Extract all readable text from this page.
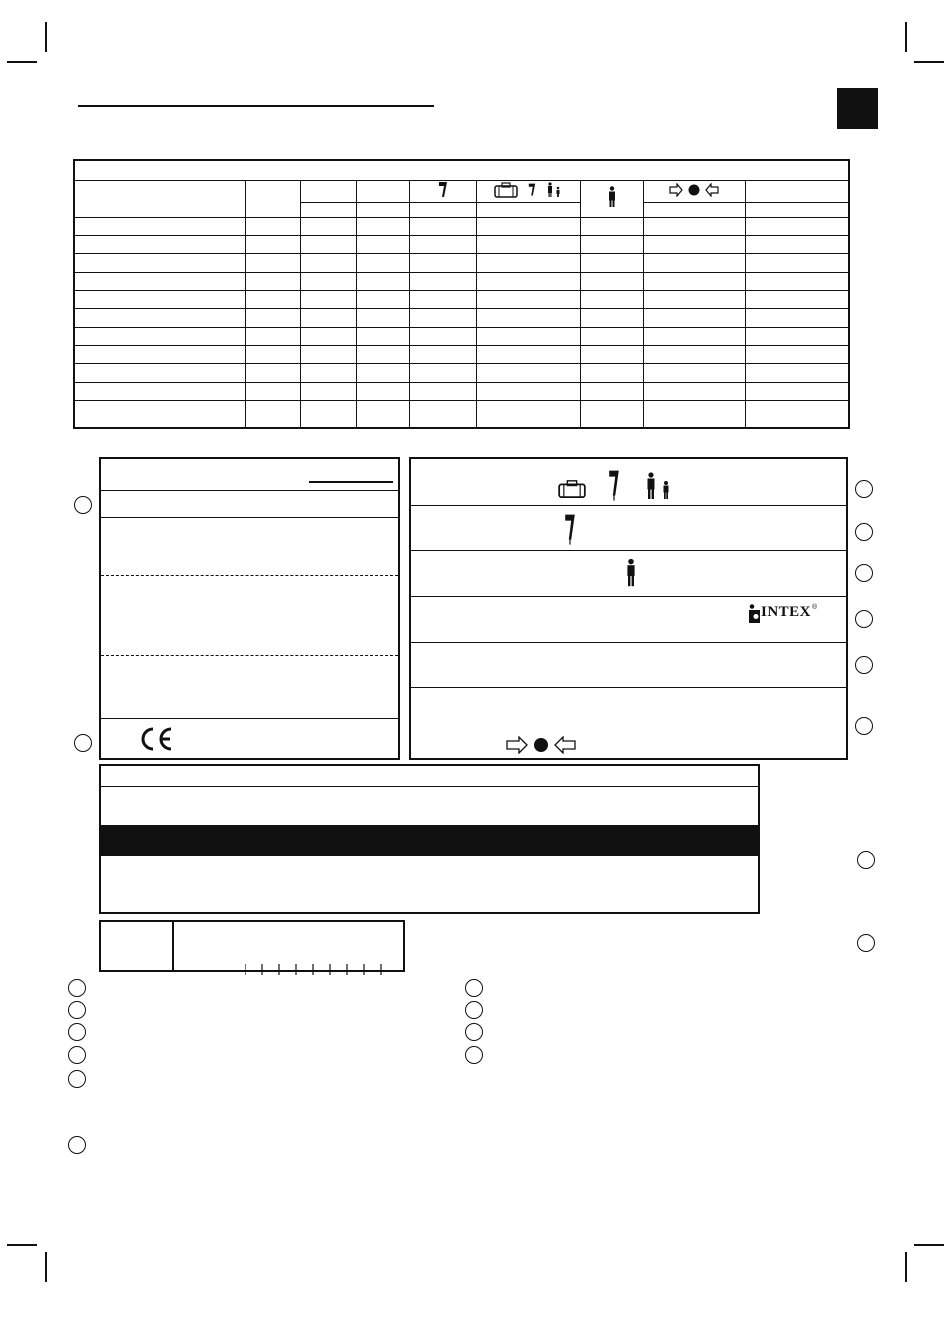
INTEX ®
